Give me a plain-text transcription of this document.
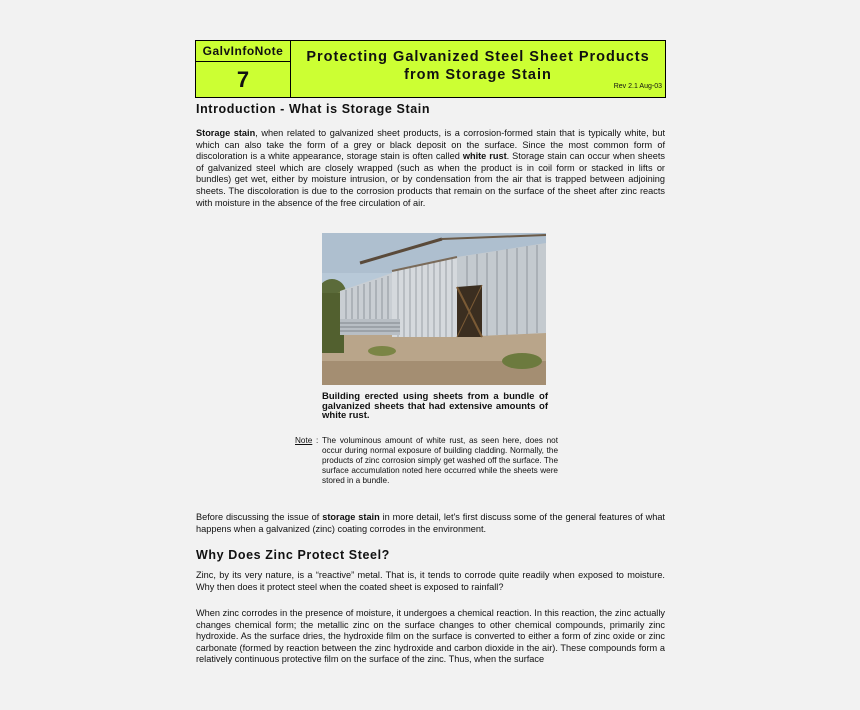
GalvInfoNote
7
Protecting Galvanized Steel Sheet Products
from Storage Stain
Rev 2.1 Aug-03
Introduction - What is Storage Stain

Storage stain, when related to galvanized sheet products, is a corrosion-formed stain that is typically white, but which can also take the form of a grey or black deposit on the surface. Since the most common form of discoloration is a white appearance, storage stain is often called white rust. Storage stain can occur when sheets of galvanized steel which are closely wrapped (such as when the product is in coil form or stacked in lifts or bundles) get wet, either by moisture intrusion, or by condensation from the air that is trapped between adjoining sheets. The discoloration is due to the corrosion products that remain on the surface of the sheet after zinc reacts with moisture in the absence of the free circulation of air.

Building erected using sheets from a bundle of galvanized sheets that had extensive amounts of white rust.
Note : The voluminous amount of white rust, as seen here, does not occur during normal exposure of building cladding. Normally, the products of zinc corrosion simply get washed off the surface. The surface accumulation noted here occurred while the sheets were stored in a bundle.

Before discussing the issue of storage stain in more detail, let's first discuss some of the general features of what happens when a galvanized (zinc) coating corrodes in the environment.

Why Does Zinc Protect Steel?

Zinc, by its very nature, is a “reactive” metal. That is, it tends to corrode quite readily when exposed to moisture. Why then does it protect steel when the coated sheet is exposed to rainfall?

When zinc corrodes in the presence of moisture, it undergoes a chemical reaction. In this reaction, the zinc actually changes chemical form; the metallic zinc on the surface changes to other chemical compounds, primarily zinc hydroxide. As the surface dries, the hydroxide film on the surface is converted to either a form of zinc oxide or zinc carbonate (formed by reaction between the zinc hydroxide and carbon dioxide in the air). These compounds form a relatively continuous protective film on the surface of the zinc. Thus, when the surface
